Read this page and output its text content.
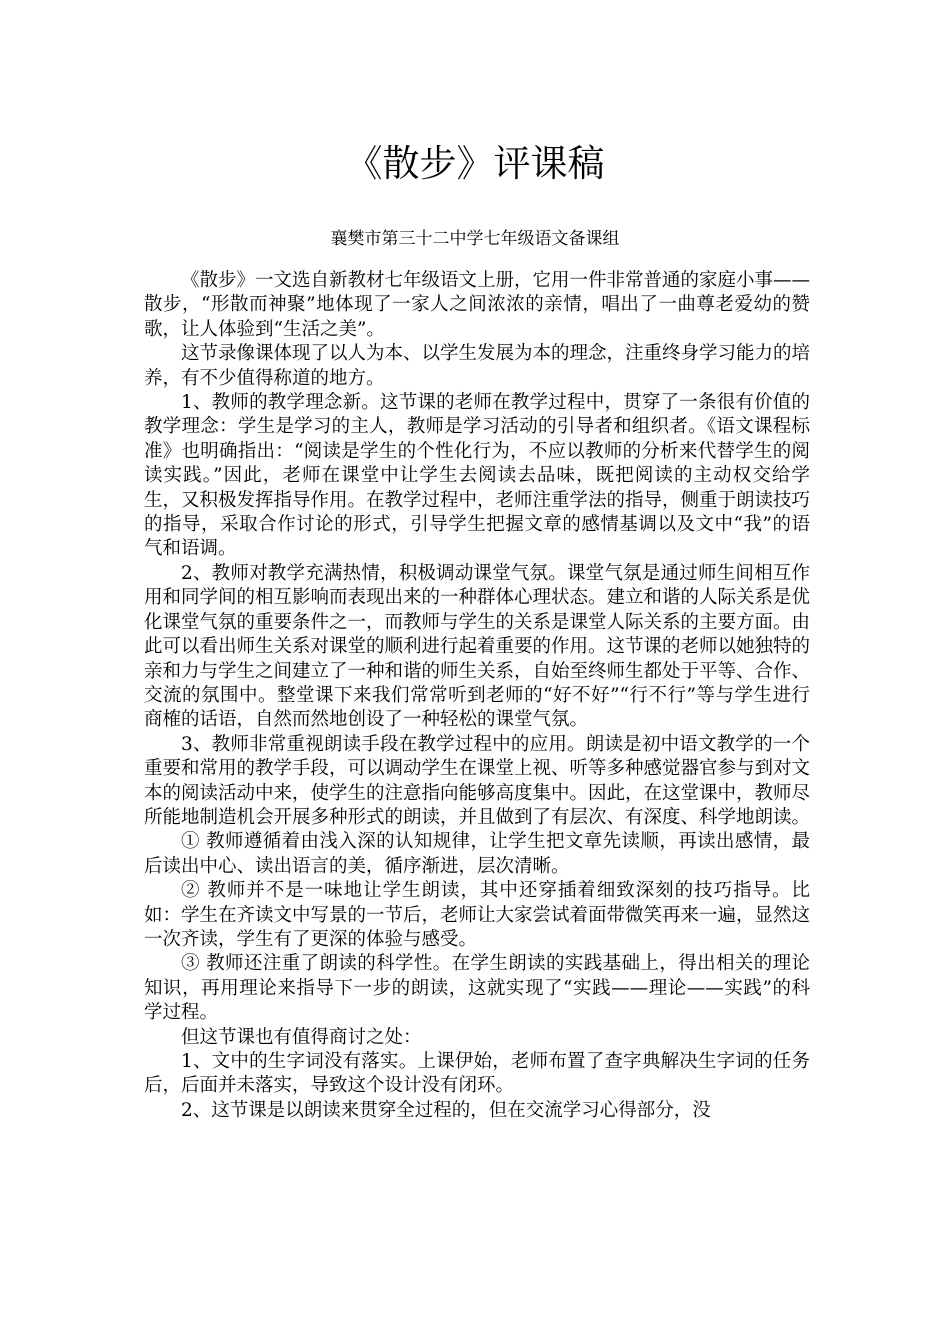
《散步》评课稿
襄樊市第三十二中学七年级语文备课组

《散步》一文选自新教材七年级语文上册，它用一件非常普通的家庭小事——散步，“形散而神聚”地体现了一家人之间浓浓的亲情，唱出了一曲尊老爱幼的赞歌，让人体验到“生活之美”。

这节录像课体现了以人为本、以学生发展为本的理念，注重终身学习能力的培养，有不少值得称道的地方。

1、教师的教学理念新。这节课的老师在教学过程中，贯穿了一条很有价值的教学理念：学生是学习的主人，教师是学习活动的引导者和组织者。《语文课程标准》也明确指出：“阅读是学生的个性化行为，不应以教师的分析来代替学生的阅读实践。”因此，老师在课堂中让学生去阅读去品味，既把阅读的主动权交给学生，又积极发挥指导作用。在教学过程中，老师注重学法的指导，侧重于朗读技巧的指导，采取合作讨论的形式，引导学生把握文章的感情基调以及文中“我”的语气和语调。

2、教师对教学充满热情，积极调动课堂气氛。课堂气氛是通过师生间相互作用和同学间的相互影响而表现出来的一种群体心理状态。建立和谐的人际关系是优化课堂气氛的重要条件之一，而教师与学生的关系是课堂人际关系的主要方面。由此可以看出师生关系对课堂的顺利进行起着重要的作用。这节课的老师以她独特的亲和力与学生之间建立了一种和谐的师生关系，自始至终师生都处于平等、合作、交流的氛围中。整堂课下来我们常常听到老师的“好不好”“行不行”等与学生进行商榷的话语，自然而然地创设了一种轻松的课堂气氛。

3、教师非常重视朗读手段在教学过程中的应用。朗读是初中语文教学的一个重要和常用的教学手段，可以调动学生在课堂上视、听等多种感觉器官参与到对文本的阅读活动中来，使学生的注意指向能够高度集中。因此，在这堂课中，教师尽所能地制造机会开展多种形式的朗读，并且做到了有层次、有深度、科学地朗读。

① 教师遵循着由浅入深的认知规律，让学生把文章先读顺，再读出感情，最后读出中心、读出语言的美，循序渐进，层次清晰。

② 教师并不是一味地让学生朗读，其中还穿插着细致深刻的技巧指导。比如：学生在齐读文中写景的一节后，老师让大家尝试着面带微笑再来一遍，显然这一次齐读，学生有了更深的体验与感受。

③ 教师还注重了朗读的科学性。在学生朗读的实践基础上，得出相关的理论知识，再用理论来指导下一步的朗读，这就实现了“实践——理论——实践”的科学过程。

但这节课也有值得商讨之处：

1、文中的生字词没有落实。上课伊始，老师布置了查字典解决生字词的任务后，后面并未落实，导致这个设计没有闭环。

2、这节课是以朗读来贯穿全过程的，但在交流学习心得部分，没
